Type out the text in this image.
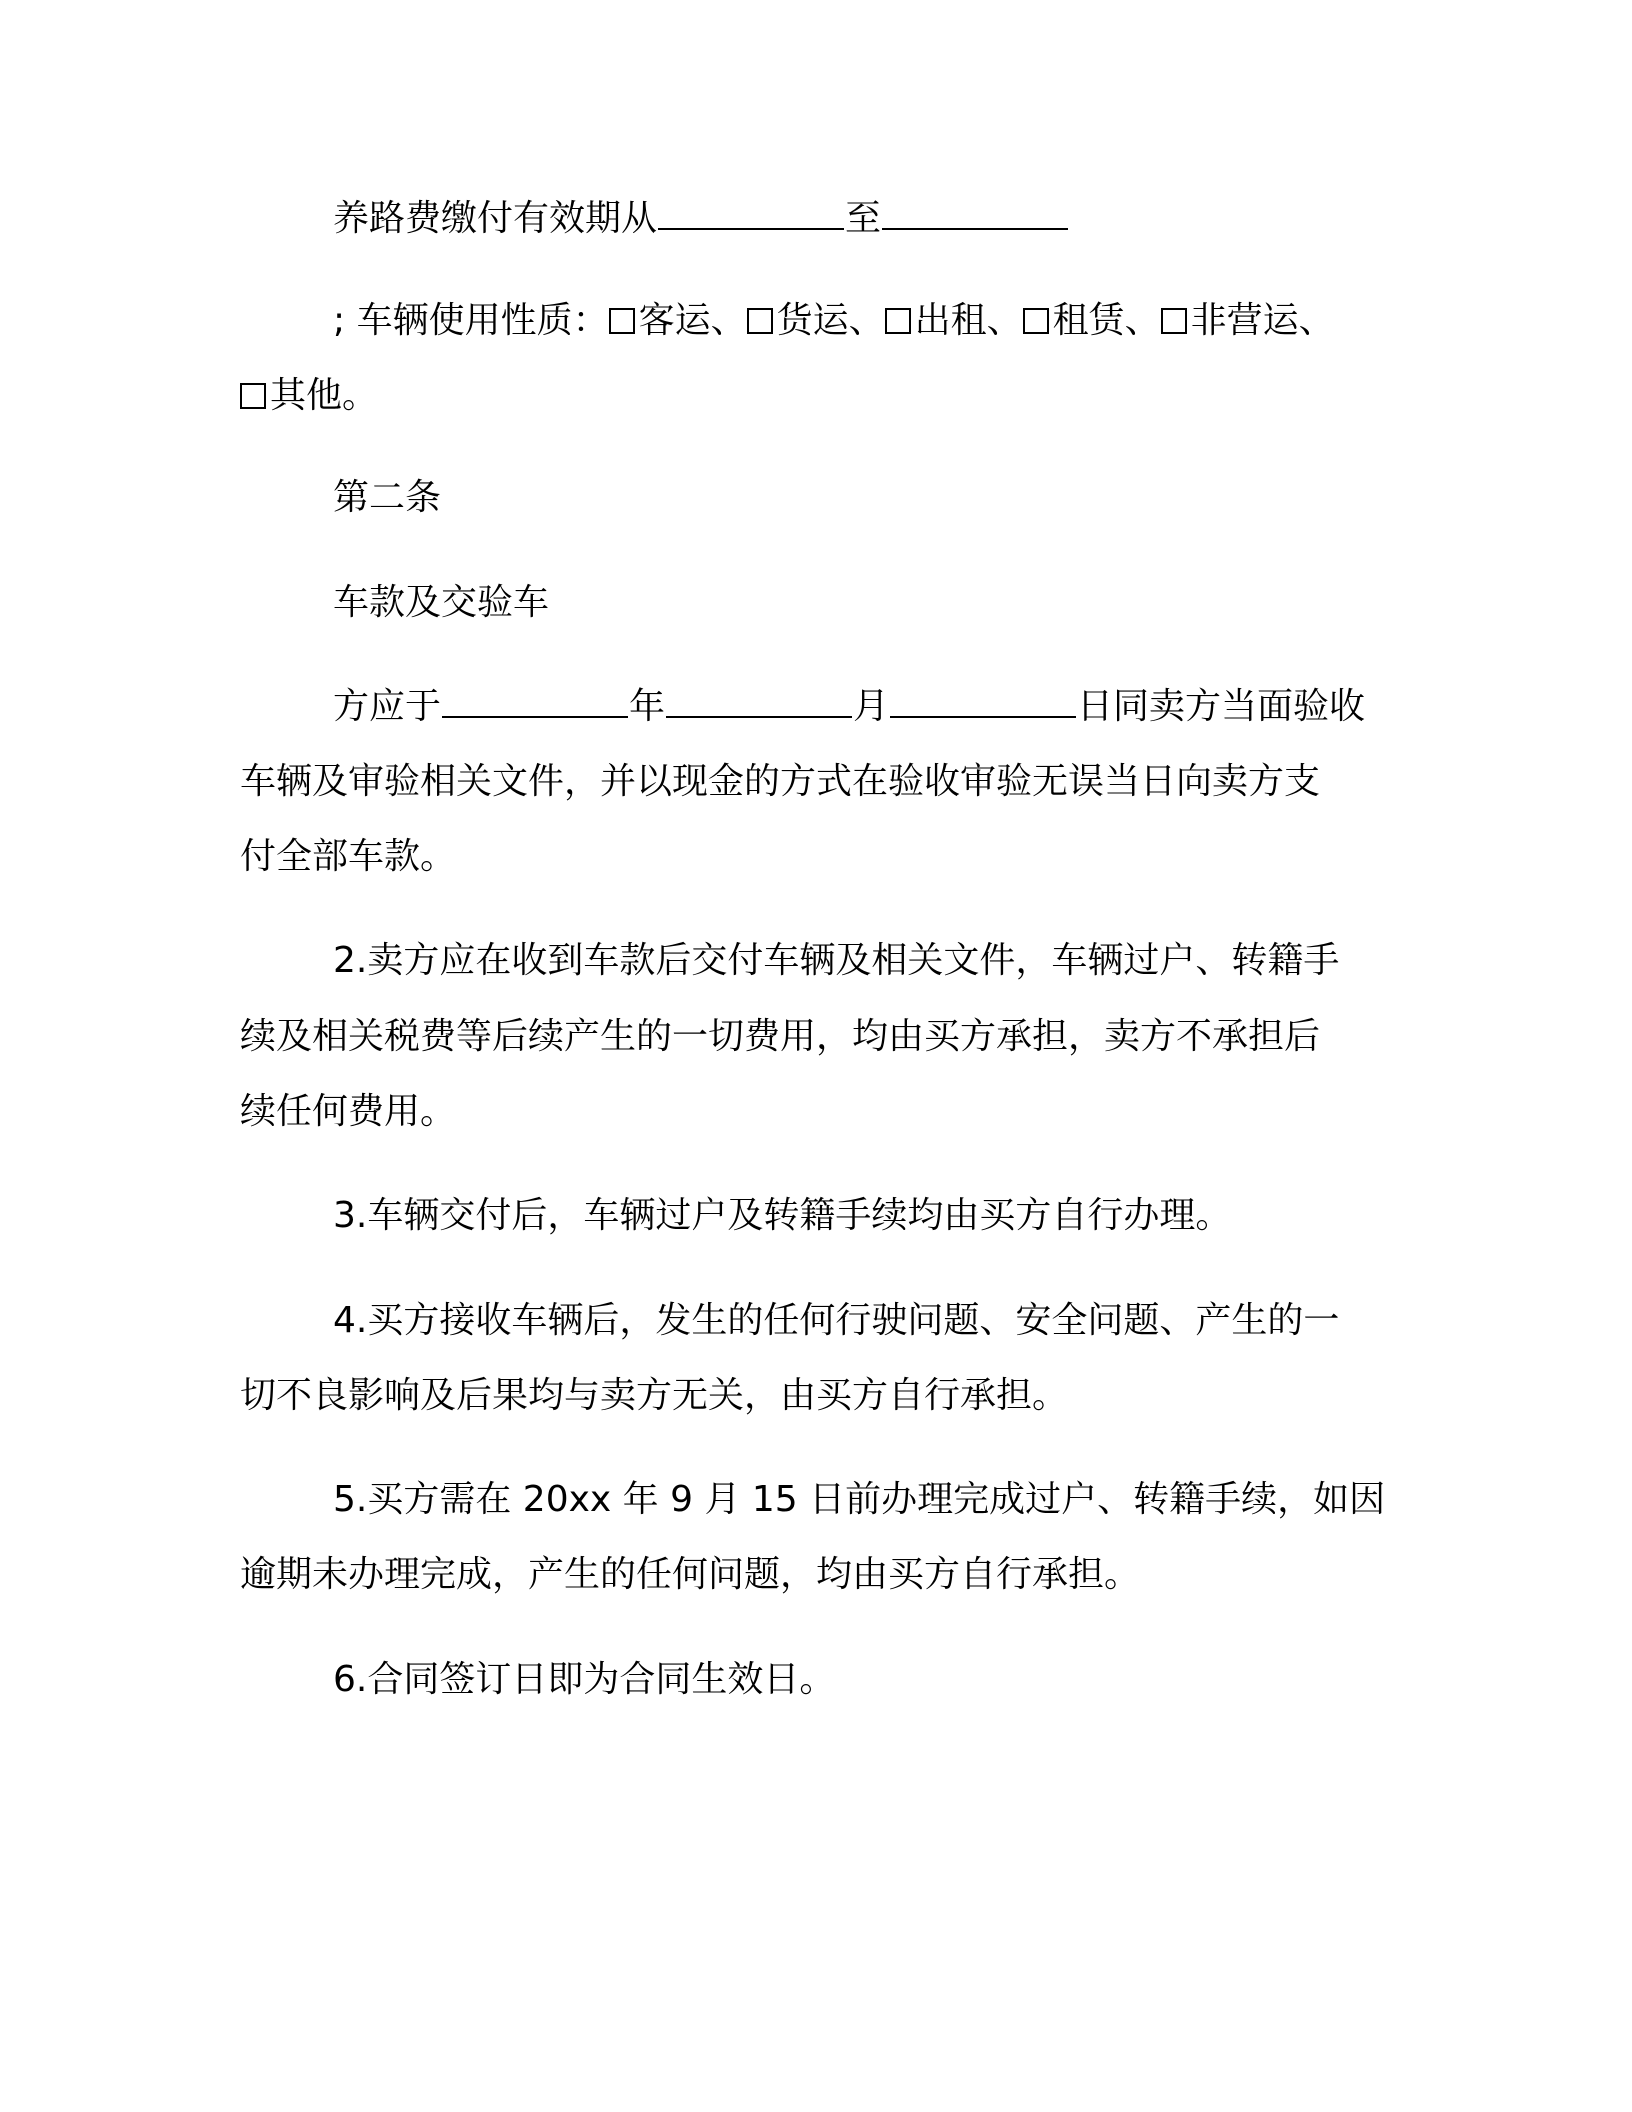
养路费缴付有效期从	至
; 车辆使用性质： 客运、 货运、 出租、 租赁、 非营运、
其他。
第二条
车款及交验车
方应于	年	月	日同卖方当面验收
车辆及审验相关文件，并以现金的方式在验收审验无误当日向卖方支
付全部车款。
2.卖方应在收到车款后交付车辆及相关文件，车辆过户、转籍手
续及相关税费等后续产生的一切费用，均由买方承担，卖方不承担后
续任何费用。
3.车辆交付后，车辆过户及转籍手续均由买方自行办理。
4.买方接收车辆后，发生的任何行驶问题、安全问题、产生的一
切不良影响及后果均与卖方无关，由买方自行承担。
5.买方需在 20xx 年 9 月 15 日前办理完成过户、转籍手续，如因
逾期未办理完成，产生的任何问题，均由买方自行承担。
6.合同签订日即为合同生效日。
